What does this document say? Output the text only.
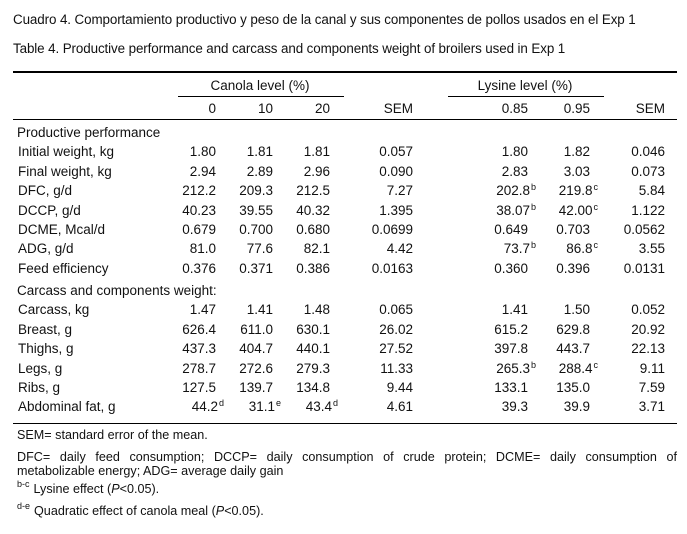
Cuadro 4. Comportamiento productivo y peso de la canal y sus componentes de pollos usados en el Exp 1
Table 4. Productive performance and carcass and components weight of broilers used in Exp 1
Canola level (%)	Lysine level (%)
0	10	20	SEM	0.85	0.95	SEM
Productive performance
Initial weight, kg	1.80	1.81	1.81	0.057	1.80	1.82	0.046
Final weight, kg	2.94	2.89	2.96	0.090	2.83	3.03	0.073
DFC, g/d	212.2	209.3	212.5	7.27	202.8$^b$	219.8$^c$	5.84
DCCP, g/d	40.23	39.55	40.32	1.395	38.07$^b$	42.00$^c$	1.122
DCME, Mcal/d	0.679	0.700	0.680	0.0699	0.649	0.703	0.0562
ADG, g/d	81.0	77.6	82.1	4.42	73.7$^b$	86.8$^c$	3.55
Feed efficiency	0.376	0.371	0.386	0.0163	0.360	0.396	0.0131
Carcass and components weight:
Carcass, kg	1.47	1.41	1.48	0.065	1.41	1.50	0.052
Breast, g	626.4	611.0	630.1	26.02	615.2	629.8	20.92
Thighs, g	437.3	404.7	440.1	27.52	397.8	443.7	22.13
Legs, g	278.7	272.6	279.3	11.33	265.3$^b$	288.4$^c$	9.11
Ribs, g	127.5	139.7	134.8	9.44	133.1	135.0	7.59
Abdominal fat, g	44.2$^d$	31.1e	43.4$^d$	4.61	39.3	39.9	3.71
SEM= standard error of the mean.
DFC= daily feed consumption; DCCP= daily consumption of crude protein; DCME= daily consumption of metabolizable energy; ADG= average daily gain
$^{b-c}$ Lysine effect (P<0.05).
$^{d-e}$ Quadratic effect of canola meal (P<0.05).
